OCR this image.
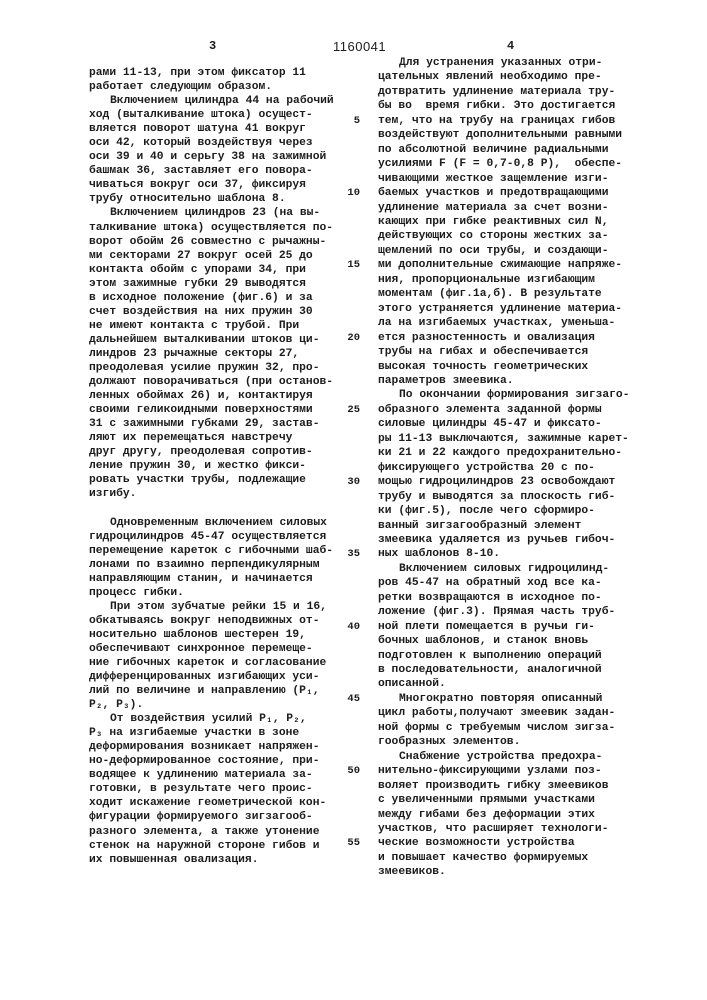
3	1160041	4
рами 11-13, при этом фиксатор 11
работает следующим образом.
Включением цилиндра 44 на рабочий
ход (выталкивание штока) осущест-
вляется поворот шатуна 41 вокруг
оси 42, который воздействуя через
оси 39 и 40 и серьгу 38 на зажимной
башмак 36, заставляет его повора-
чиваться вокруг оси 37, фиксируя
трубу относительно шаблона 8.
Включением цилиндров 23 (на вы-
талкивание штока) осуществляется по-
ворот обойм 26 совместно с рычажны-
ми секторами 27 вокруг осей 25 до
контакта обойм с упорами 34, при
этом зажимные губки 29 выводятся
в исходное положение (фиг.6) и за
счет воздействия на них пружин 30
не имеют контакта с трубой. При
дальнейшем выталкивании штоков ци-
линдров 23 рычажные секторы 27,
преодолевая усилие пружин 32, про-
должают поворачиваться (при останов-
ленных обоймах 26) и, контактируя
своими геликоидными поверхностями
31 с зажимными губками 29, застав-
ляют их перемещаться навстречу
друг другу, преодолевая сопротив-
ление пружин 30, и жестко фикси-
ровать участки трубы, подлежащие
изгибу.

Одновременным включением силовых
гидроцилиндров 45-47 осуществляется
перемещение кареток с гибочными шаб-
лонами по взаимно перпендикулярным
направляющим станин, и начинается
процесс гибки.
При этом зубчатые рейки 15 и 16,
обкатываясь вокруг неподвижных от-
носительно шаблонов шестерен 19,
обеспечивают синхронное перемеще-
ние гибочных кареток и согласование
дифференцированных изгибающих уси-
лий по величине и направлению (P₁,
P₂, P₃).
От воздействия усилий P₁, P₂,
P₃ на изгибаемые участки в зоне
деформирования возникает напряжен-
но-деформированное состояние, при-
водящее к удлинению материала за-
готовки, в результате чего проис-
ходит искажение геометрической кон-
фигурации формируемого зигзагооб-
разного элемента, а также утонение
стенок на наружной стороне гибов и
их повышенная овализация.
5
10
15
20
25
30
35
40
45
50
55
Для устранения указанных отри-
цательных явлений необходимо пре-
дотвратить удлинение материала тру-
бы во  время гибки. Это достигается
тем, что на трубу на границах гибов
воздействуют дополнительными равными
по абсолютной величине радиальными
усилиями F (F = 0,7-0,8 P),  обеспе-
чивающими жесткое защемление изги-
баемых участков и предотвращающими
удлинение материала за счет возни-
кающих при гибке реактивных сил N,
действующих со стороны жестких за-
щемлений по оси трубы, и создающи-
ми дополнительные сжимающие напряже-
ния, пропорциональные изгибающим
моментам (фиг.1а,б). В результате
этого устраняется удлинение материа-
ла на изгибаемых участках, уменьша-
ется разностенность и овализация
трубы на гибах и обеспечивается
высокая точность геометрических
параметров змеевика.
По окончании формирования зигзаго-
образного элемента заданной формы
силовые цилиндры 45-47 и фиксато-
ры 11-13 выключаются, зажимные карет-
ки 21 и 22 каждого предохранительно-
фиксирующего устройства 20 с по-
мощью гидроцилиндров 23 освобождают
трубу и выводятся за плоскость гиб-
ки (фиг.5), после чего сформиро-
ванный зигзагообразный элемент
змеевика удаляется из ручьев гибоч-
ных шаблонов 8-10.
Включением силовых гидроцилинд-
ров 45-47 на обратный ход все ка-
ретки возвращаются в исходное по-
ложение (фиг.3). Прямая часть труб-
ной плети помещается в ручьи ги-
бочных шаблонов, и станок вновь
подготовлен к выполнению операций
в последовательности, аналогичной
описанной.
Многократно повторяя описанный
цикл работы,получают змеевик задан-
ной формы с требуемым числом зигза-
гообразных элементов.
Снабжение устройства предохра-
нительно-фиксирующими узлами поз-
воляет производить гибку змеевиков
с увеличенными прямыми участками
между гибами без деформации этих
участков, что расширяет технологи-
ческие возможности устройства
и повышает качество формируемых
змеевиков.
